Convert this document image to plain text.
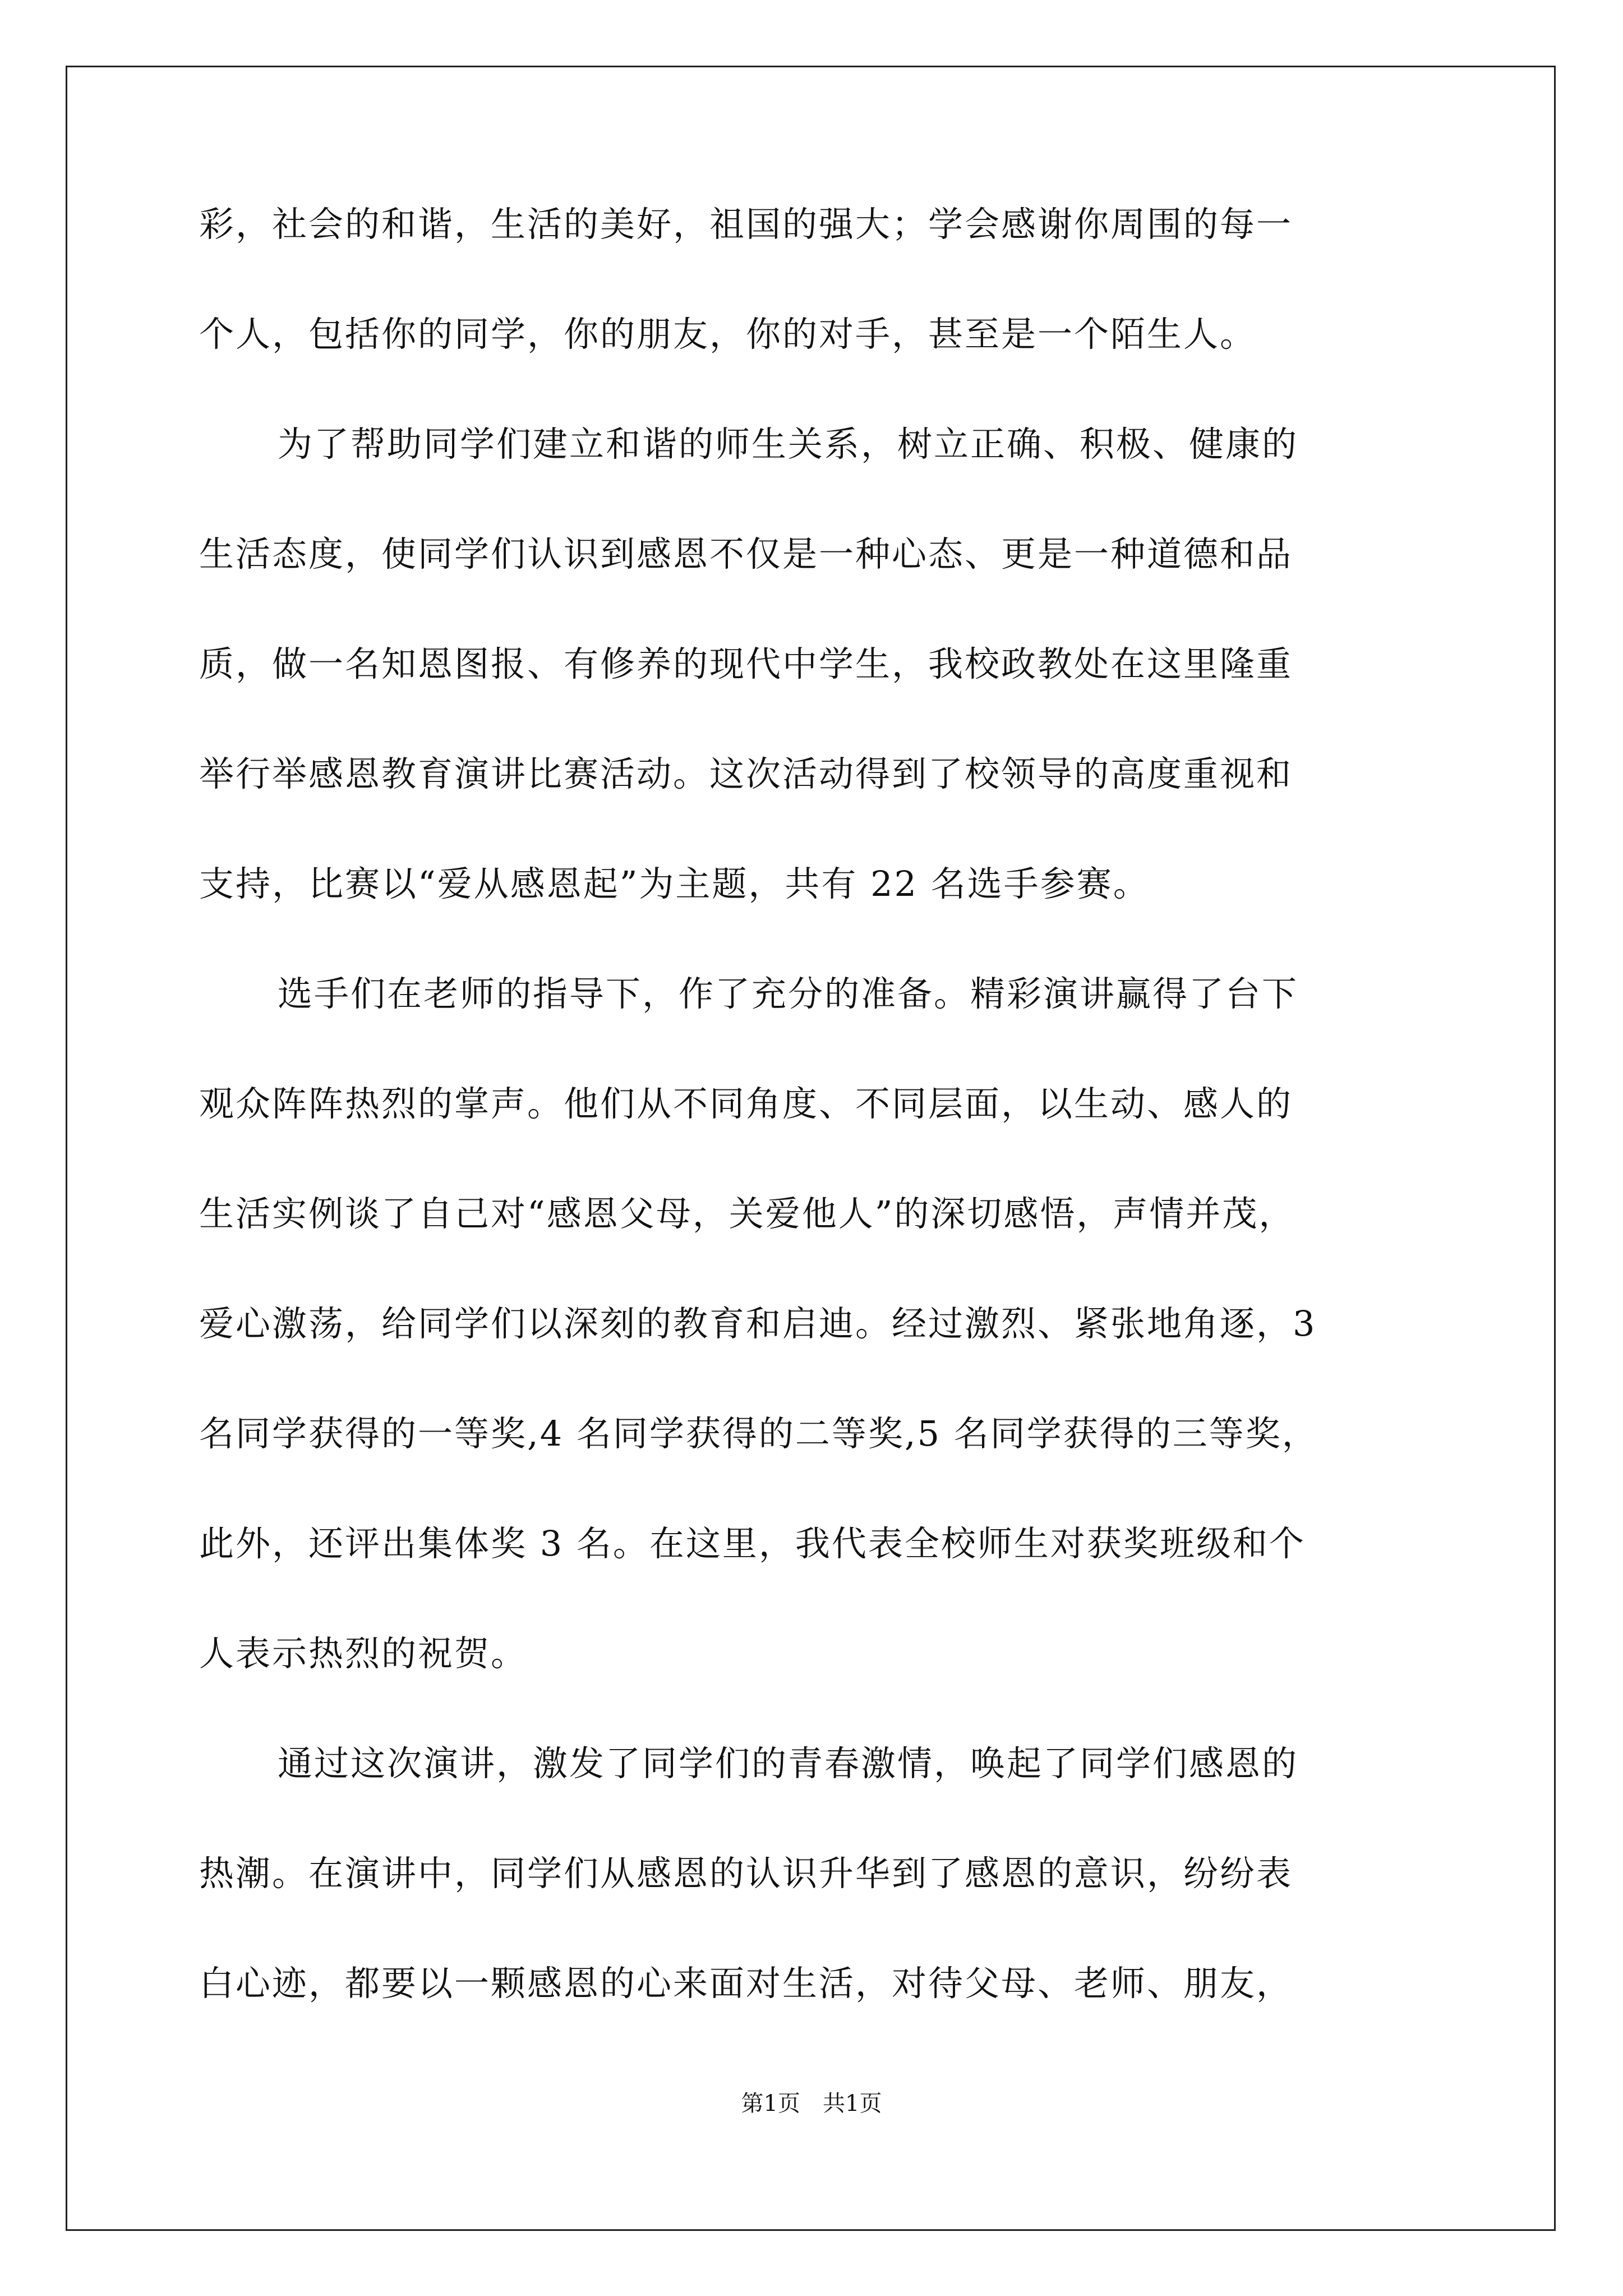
彩，社会的和谐，生活的美好，祖国的强大；学会感谢你周围的每一
个人，包括你的同学，你的朋友，你的对手，甚至是一个陌生人。
为了帮助同学们建立和谐的师生关系，树立正确、积极、健康的
生活态度，使同学们认识到感恩不仅是一种心态、更是一种道德和品
质，做一名知恩图报、有修养的现代中学生，我校政教处在这里隆重
举行举感恩教育演讲比赛活动。这次活动得到了校领导的高度重视和
支持，比赛以“爱从感恩起”为主题，共有 22 名选手参赛。
选手们在老师的指导下，作了充分的准备。精彩演讲赢得了台下
观众阵阵热烈的掌声。他们从不同角度、不同层面，以生动、感人的
生活实例谈了自己对“感恩父母，关爱他人”的深切感悟，声情并茂，
爱心激荡，给同学们以深刻的教育和启迪。经过激烈、紧张地角逐，3
名同学获得的一等奖,4 名同学获得的二等奖,5 名同学获得的三等奖，
此外，还评出集体奖 3 名。在这里，我代表全校师生对获奖班级和个
人表示热烈的祝贺。
通过这次演讲，激发了同学们的青春激情，唤起了同学们感恩的
热潮。在演讲中，同学们从感恩的认识升华到了感恩的意识，纷纷表
白心迹，都要以一颗感恩的心来面对生活，对待父母、老师、朋友，
第1页 共1页
